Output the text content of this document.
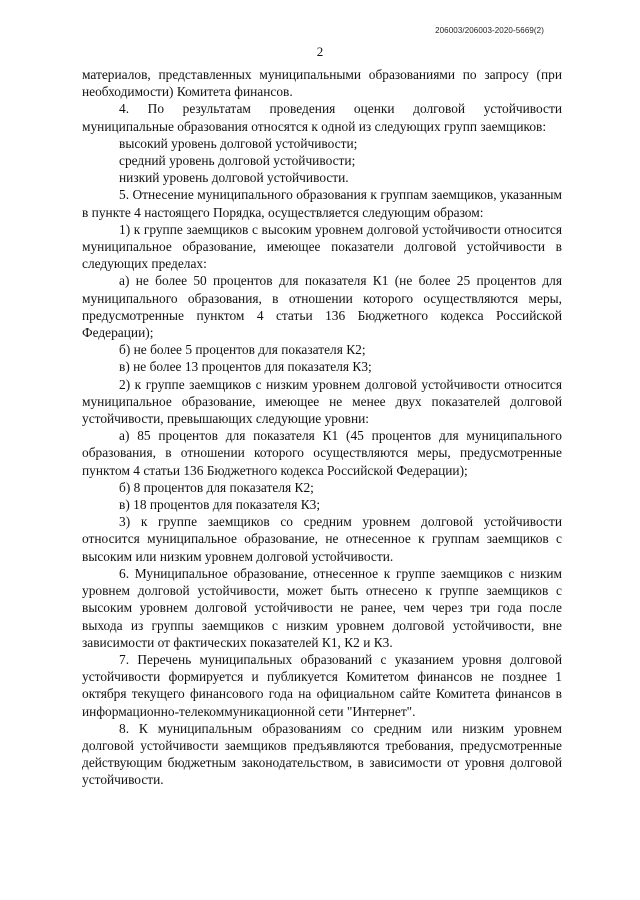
206003/206003-2020-5669(2)
2

материалов, представленных муниципальными образованиями по запросу (при необходимости) Комитета финансов.

4. По результатам проведения оценки долговой устойчивости муниципальные образования относятся к одной из следующих групп заемщиков:

высокий уровень долговой устойчивости;

средний уровень долговой устойчивости;

низкий уровень долговой устойчивости.

5. Отнесение муниципального образования к группам заемщиков, указанным в пункте 4 настоящего Порядка, осуществляется следующим образом:

1) к группе заемщиков с высоким уровнем долговой устойчивости относится муниципальное образование, имеющее показатели долговой устойчивости в следующих пределах:

а) не более 50 процентов для показателя К1 (не более 25 процентов для муниципального образования, в отношении которого осуществляются меры, предусмотренные пунктом 4 статьи 136 Бюджетного кодекса Российской Федерации);

б) не более 5 процентов для показателя К2;

в) не более 13 процентов для показателя К3;

2) к группе заемщиков с низким уровнем долговой устойчивости относится муниципальное образование, имеющее не менее двух показателей долговой устойчивости, превышающих следующие уровни:

а) 85 процентов для показателя К1 (45 процентов для муниципального образования, в отношении которого осуществляются меры, предусмотренные пунктом 4 статьи 136 Бюджетного кодекса Российской Федерации);

б) 8 процентов для показателя К2;

в) 18 процентов для показателя К3;

3) к группе заемщиков со средним уровнем долговой устойчивости относится муниципальное образование, не отнесенное к группам заемщиков с высоким или низким уровнем долговой устойчивости.

6. Муниципальное образование, отнесенное к группе заемщиков с низким уровнем долговой устойчивости, может быть отнесено к группе заемщиков с высоким уровнем долговой устойчивости не ранее, чем через три года после выхода из группы заемщиков с низким уровнем долговой устойчивости, вне зависимости от фактических показателей К1, К2 и К3.

7. Перечень муниципальных образований с указанием уровня долговой устойчивости формируется и публикуется Комитетом финансов не позднее 1 октября текущего финансового года на официальном сайте Комитета финансов в информационно-телекоммуникационной сети "Интернет".

8. К муниципальным образованиям со средним или низким уровнем долговой устойчивости заемщиков предъявляются требования, предусмотренные действующим бюджетным законодательством, в зависимости от уровня долговой устойчивости.
